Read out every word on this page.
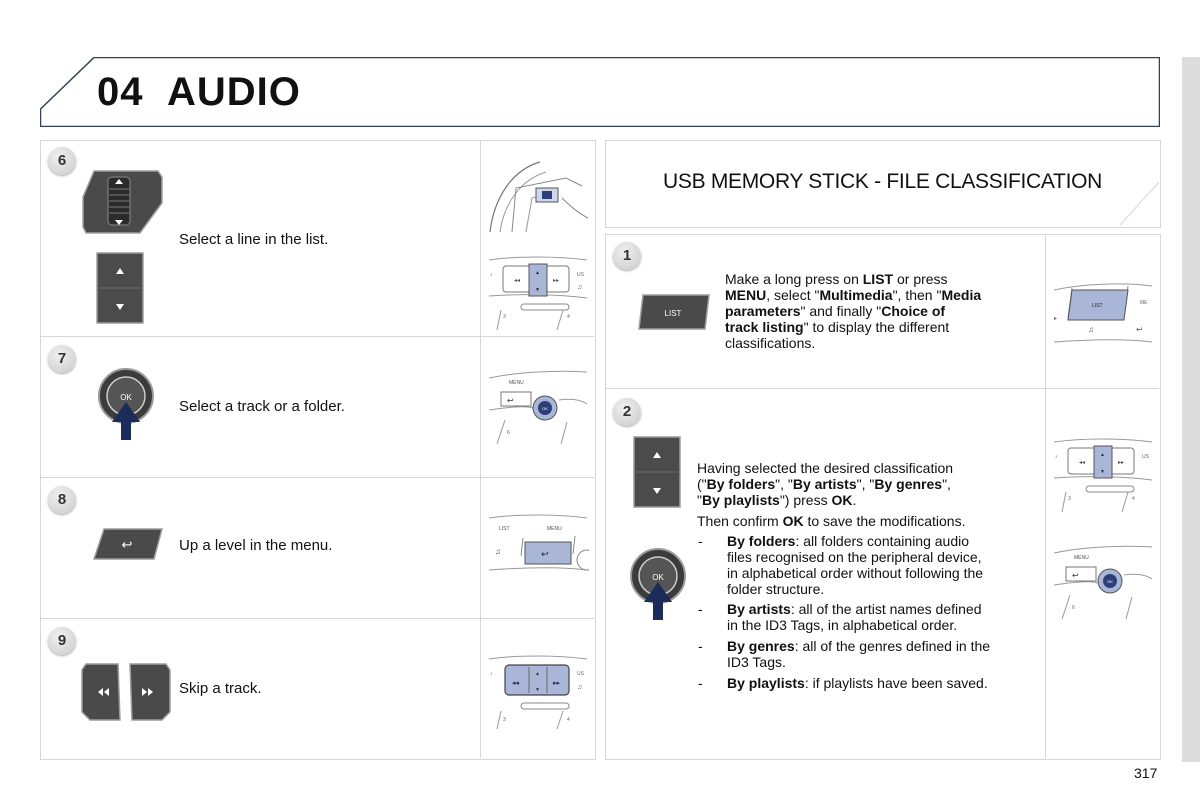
04 AUDIO
6
Select a line in the list.
♪
◂◂	▸▸
▲
▼
US
♫
3	4
7
OK
Select a track or a folder.
MENU
↩
OK
6
8
↩	Up a level in the menu.
LIST	MENU
↩
♫
9
Skip a track.	◂◂	▸▸
▲
▼
♪	US
♫
3	4
USB MEMORY STICK - FILE CLASSIFICATION
1
LIST
Make a long press on LIST or press
MENU, select "Multimedia", then "Media
parameters" and finally "Choice of
track listing" to display the different
classifications.
LIST	ME
▸
♫	↩
2
OK
Having selected the desired classification
("By folders", "By artists", "By genres",
"By playlists") press OK.
Then confirm OK to save the modifications.
- By folders: all folders containing audio
files recognised on the peripheral device,
in alphabetical order without following the
folder structure.
- By artists: all of the artist names defined
in the ID3 Tags, in alphabetical order.
- By genres: all of the genres defined in the
ID3 Tags.
- By playlists: if playlists have been saved.
♪
◂◂	▸▸
▲
▼
US
3	4
MENU
↩
OK
6
317
